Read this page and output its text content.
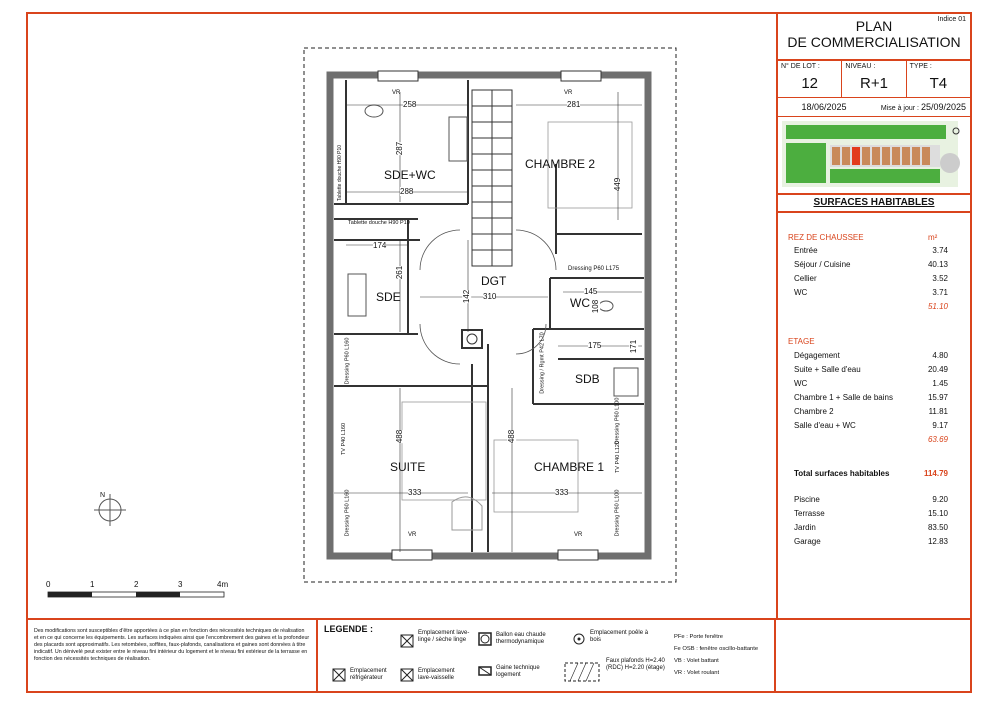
SDE+WC
CHAMBRE 2
DGT
SDE	WC
SDB
SUITE	CHAMBRE 1
258	281
287
288
449
174
261
142 310
145
108
175	171
488	488
333	333
VR	VR
VR	VR
Tablette douche H90 P10
Tablette douche H90 P10
Dressing P60 L175
Dressing P60 L160
TV P40 L160
Dressing P60 L160
Dressing / Rgmt P42 L70
Dressing P60 L100
TV P40 L120
Dressing P60 L100
0	1	2	3	4m
N
Indice 01
PLAN
DE COMMERCIALISATION
N° DE LOT :
12
NIVEAU :
R+1
TYPE :
T4
18/06/2025	Mise à jour : 25/09/2025
SURFACES HABITABLES
REZ DE CHAUSSEE	m²
Entrée	3.74
Séjour / Cuisine	40.13
Cellier	3.52
WC	3.71
51.10
ETAGE
Dégagement	4.80
Suite + Salle d'eau	20.49
WC	1.45
Chambre 1 + Salle de bains	15.97
Chambre 2	11.81
Salle d'eau + WC	9.17
63.69
Total surfaces habitables	114.79
Piscine	9.20
Terrasse	15.10
Jardin	83.50
Garage	12.83
Des modifications sont susceptibles d'être apportées à ce plan en fonction des nécessités techniques de réalisation et en ce qui concerne les équipements. Les surfaces indiquées ainsi que l'encombrement des gaines et la profondeur des placards sont approximatifs. Les retombées, soffites, faux-plafonds, canalisations et gaines sont données à titre indicatif. Un dénivelé peut exister entre le niveau fini intérieur du logement et le niveau fini extérieur de la terrasse en fonction des nécessités techniques de réalisation.
LEGENDE :	Emplacement lave-linge / sèche linge
Ballon eau chaude thermodynamique
Emplacement poêle à bois
Emplacement réfrigérateur
Emplacement lave-vaisselle
Gaine technique logement
Faux plafonds H=2.40 (RDC) H=2.20 (étage)
PFe : Porte fenêtre
Fe OSB : fenêtre oscillo-battante
VB : Volet battant
VR : Volet roulant
